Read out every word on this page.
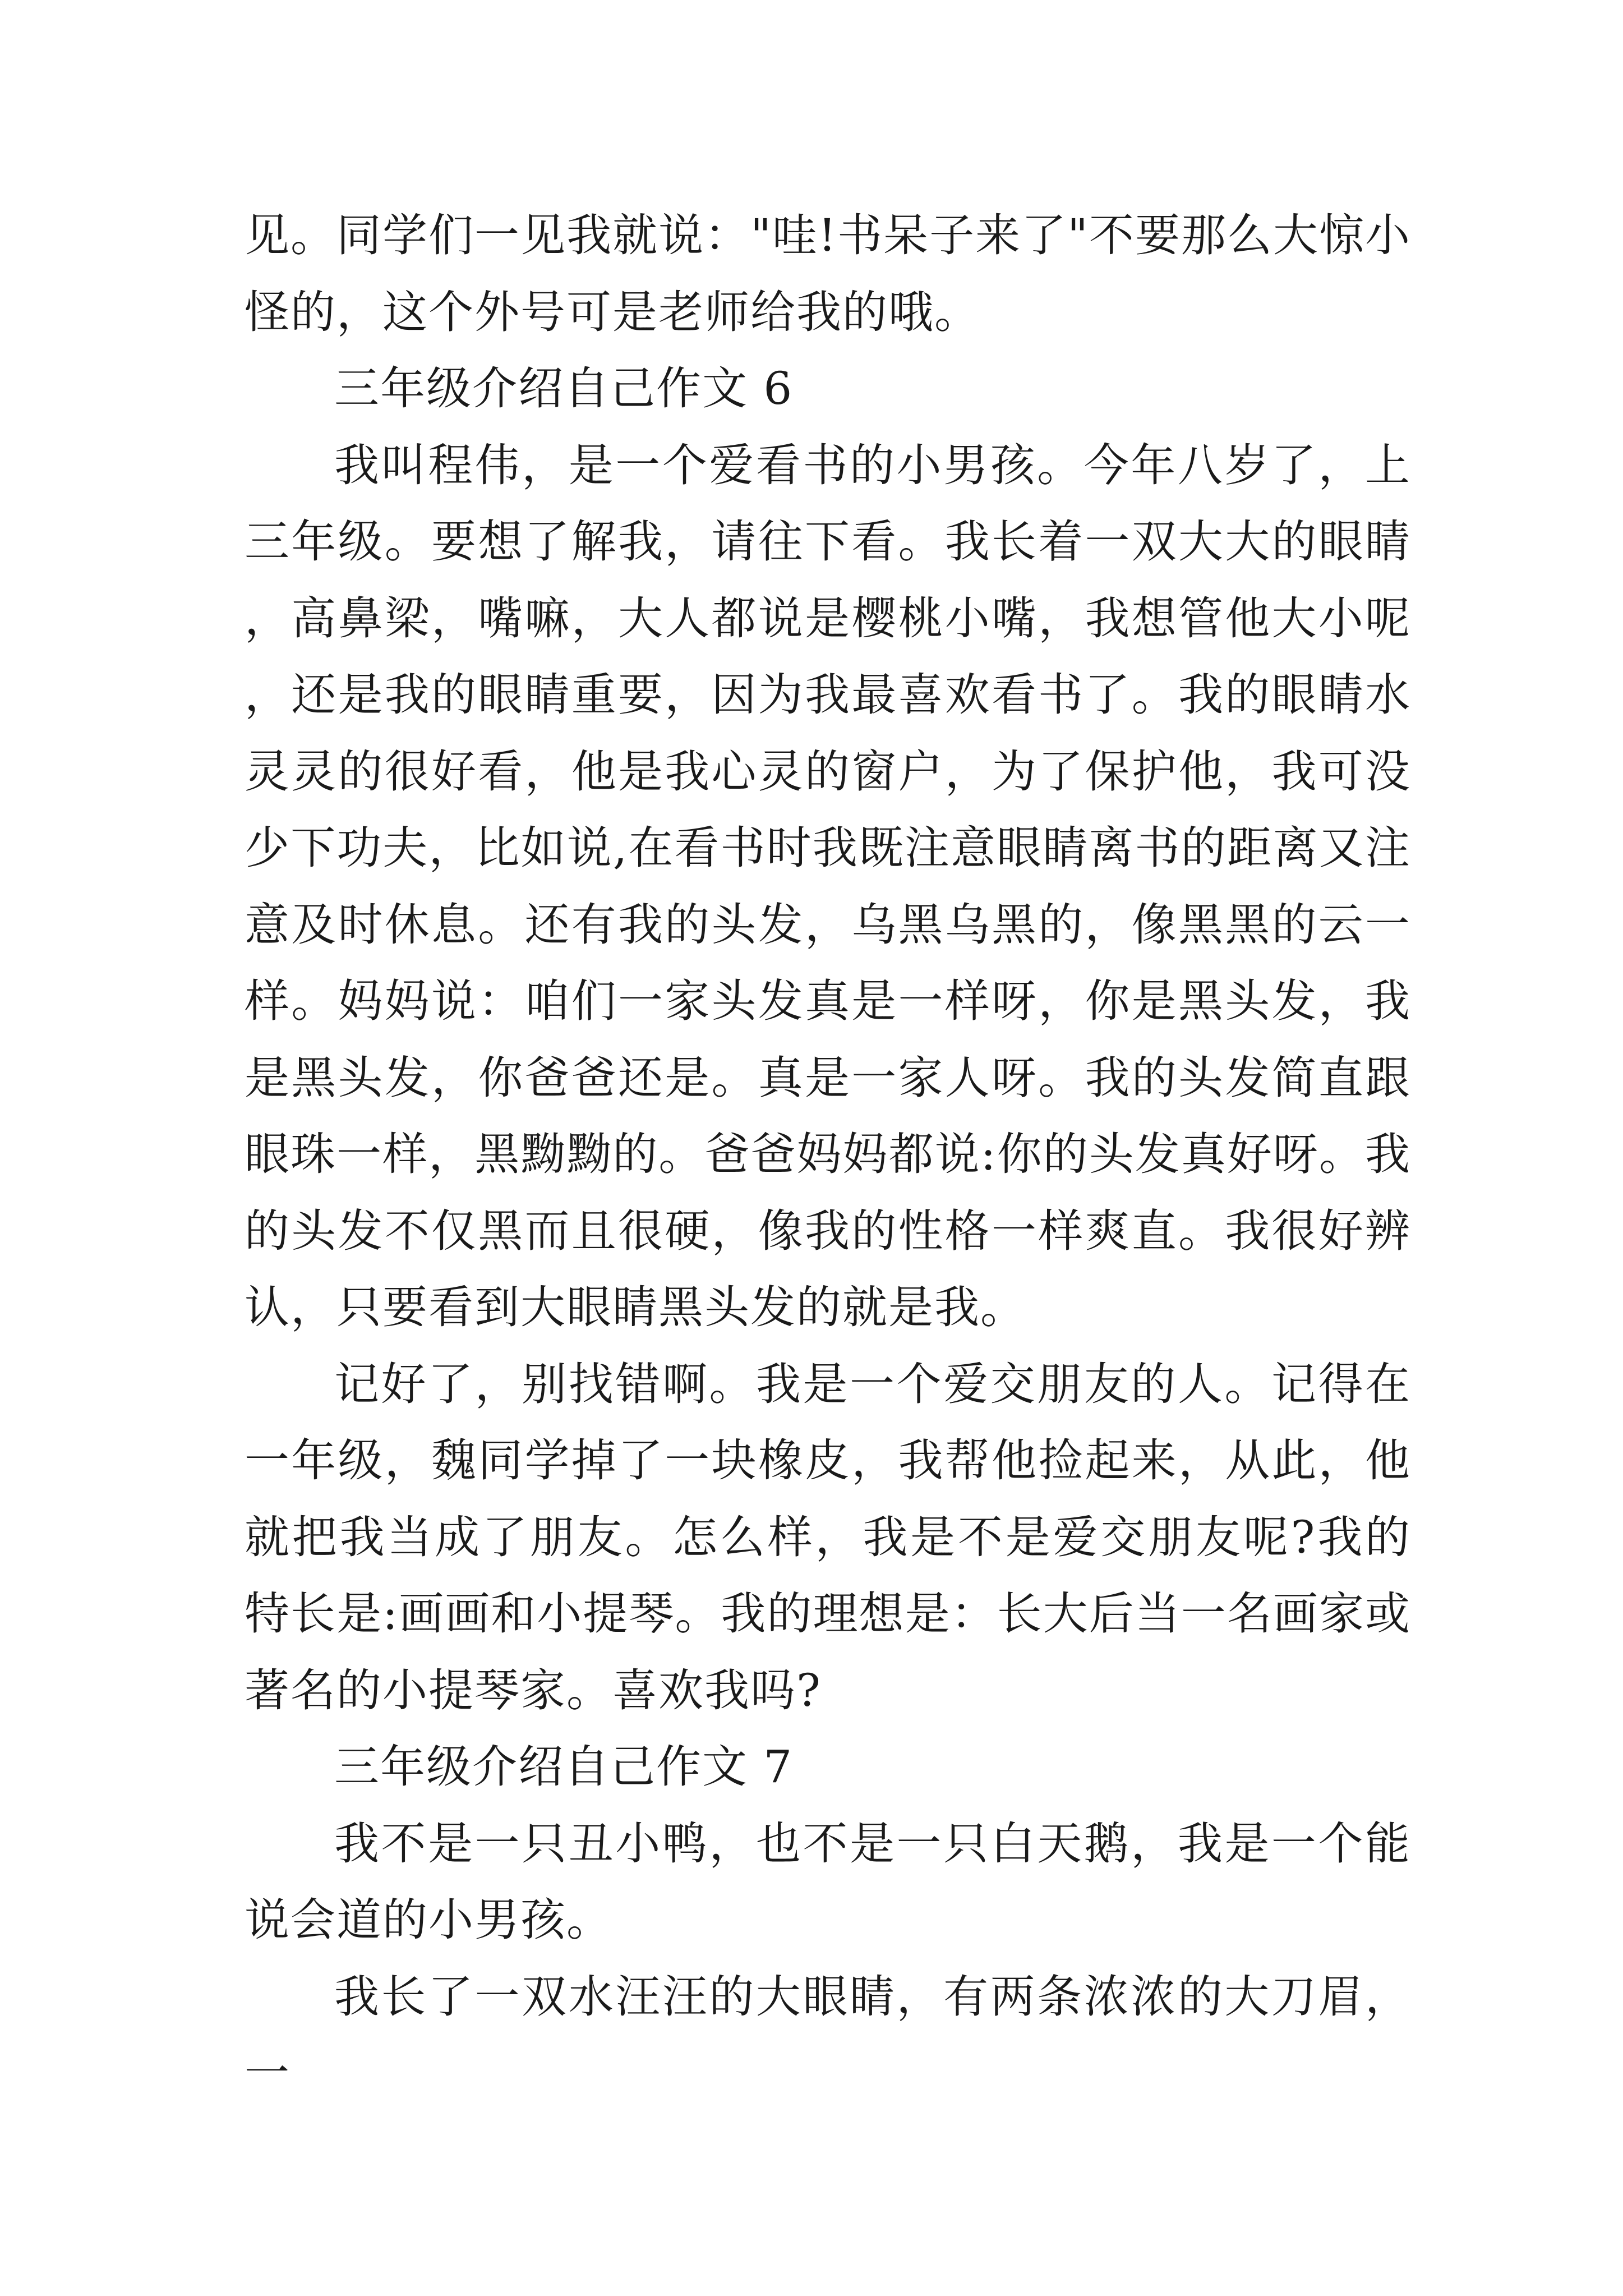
见。同学们一见我就说："哇!书呆子来了"不要那么大惊小怪的，这个外号可是老师给我的哦。

三年级介绍自己作文 6

我叫程伟，是一个爱看书的小男孩。今年八岁了，上三年级。要想了解我，请往下看。我长着一双大大的眼睛，高鼻梁，嘴嘛，大人都说是樱桃小嘴，我想管他大小呢，还是我的眼睛重要，因为我最喜欢看书了。我的眼睛水灵灵的很好看，他是我心灵的窗户，为了保护他，我可没少下功夫，比如说,在看书时我既注意眼睛离书的距离又注意及时休息。还有我的头发，乌黑乌黑的，像黑黑的云一样。妈妈说：咱们一家头发真是一样呀，你是黑头发，我是黑头发，你爸爸还是。真是一家人呀。我的头发简直跟眼珠一样，黑黝黝的。爸爸妈妈都说:你的头发真好呀。我的头发不仅黑而且很硬，像我的性格一样爽直。我很好辨认，只要看到大眼睛黑头发的就是我。

记好了，别找错啊。我是一个爱交朋友的人。记得在一年级，魏同学掉了一块橡皮，我帮他捡起来，从此，他就把我当成了朋友。怎么样，我是不是爱交朋友呢?我的特长是:画画和小提琴。我的理想是：长大后当一名画家或著名的小提琴家。喜欢我吗?

三年级介绍自己作文 7

我不是一只丑小鸭，也不是一只白天鹅，我是一个能说会道的小男孩。

我长了一双水汪汪的大眼睛，有两条浓浓的大刀眉，一
